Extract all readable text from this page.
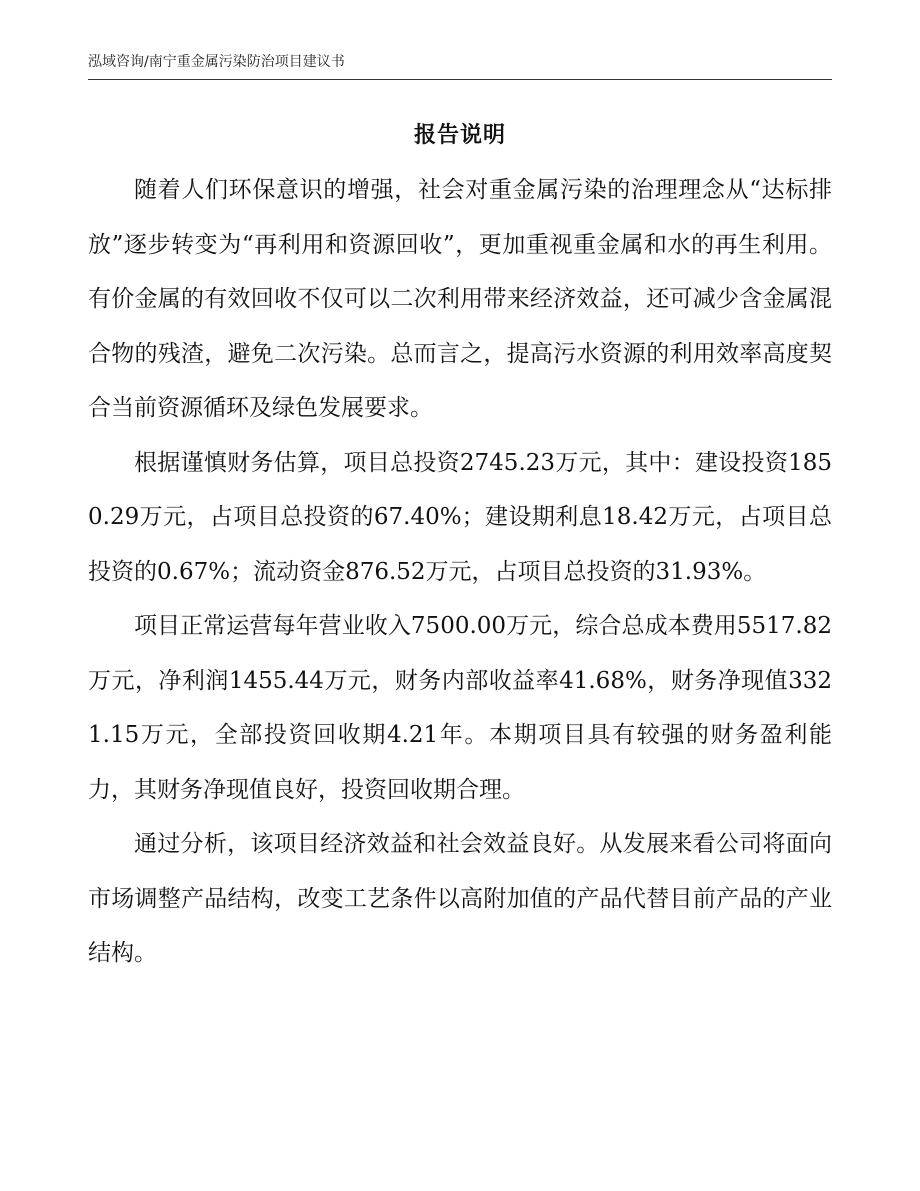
泓域咨询/南宁重金属污染防治项目建议书
报告说明

随着人们环保意识的增强，社会对重金属污染的治理理念从“达标排放”逐步转变为“再利用和资源回收”，更加重视重金属和水的再生利用。有价金属的有效回收不仅可以二次利用带来经济效益，还可减少含金属混合物的残渣，避免二次污染。总而言之，提高污水资源的利用效率高度契合当前资源循环及绿色发展要求。

根据谨慎财务估算，项目总投资2745.23万元，其中：建设投资1850.29万元，占项目总投资的67.40%；建设期利息18.42万元，占项目总投资的0.67%；流动资金876.52万元，占项目总投资的31.93%。

项目正常运营每年营业收入7500.00万元，综合总成本费用5517.82万元，净利润1455.44万元，财务内部收益率41.68%，财务净现值3321.15万元，全部投资回收期4.21年。本期项目具有较强的财务盈利能力，其财务净现值良好，投资回收期合理。

通过分析，该项目经济效益和社会效益良好。从发展来看公司将面向市场调整产品结构，改变工艺条件以高附加值的产品代替目前产品的产业结构。
